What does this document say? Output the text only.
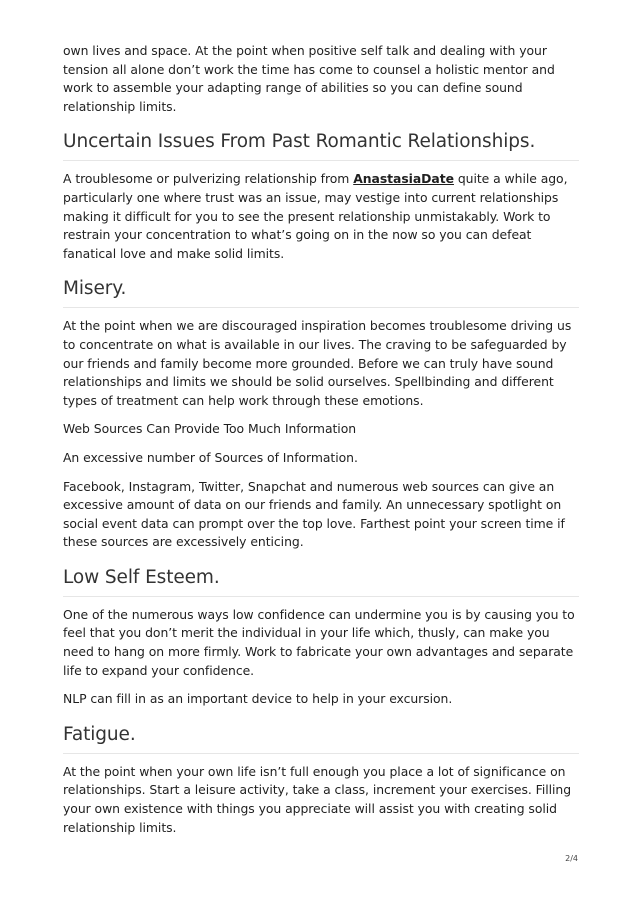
own lives and space. At the point when positive self talk and dealing with your tension all alone don’t work the time has come to counsel a holistic mentor and work to assemble your adapting range of abilities so you can define sound relationship limits.

Uncertain Issues From Past Romantic Relationships.

A troublesome or pulverizing relationship from AnastasiaDate quite a while ago, particularly one where trust was an issue, may vestige into current relationships making it difficult for you to see the present relationship unmistakably. Work to restrain your concentration to what’s going on in the now so you can defeat fanatical love and make solid limits.

Misery.

At the point when we are discouraged inspiration becomes troublesome driving us to concentrate on what is available in our lives. The craving to be safeguarded by our friends and family become more grounded. Before we can truly have sound relationships and limits we should be solid ourselves. Spellbinding and different types of treatment can help work through these emotions.

Web Sources Can Provide Too Much Information

An excessive number of Sources of Information.

Facebook, Instagram, Twitter, Snapchat and numerous web sources can give an excessive amount of data on our friends and family. An unnecessary spotlight on social event data can prompt over the top love. Farthest point your screen time if these sources are excessively enticing.

Low Self Esteem.

One of the numerous ways low confidence can undermine you is by causing you to feel that you don’t merit the individual in your life which, thusly, can make you need to hang on more firmly. Work to fabricate your own advantages and separate life to expand your confidence.

NLP can fill in as an important device to help in your excursion.

Fatigue.

At the point when your own life isn’t full enough you place a lot of significance on relationships. Start a leisure activity, take a class, increment your exercises. Filling your own existence with things you appreciate will assist you with creating solid relationship limits.

2/4
